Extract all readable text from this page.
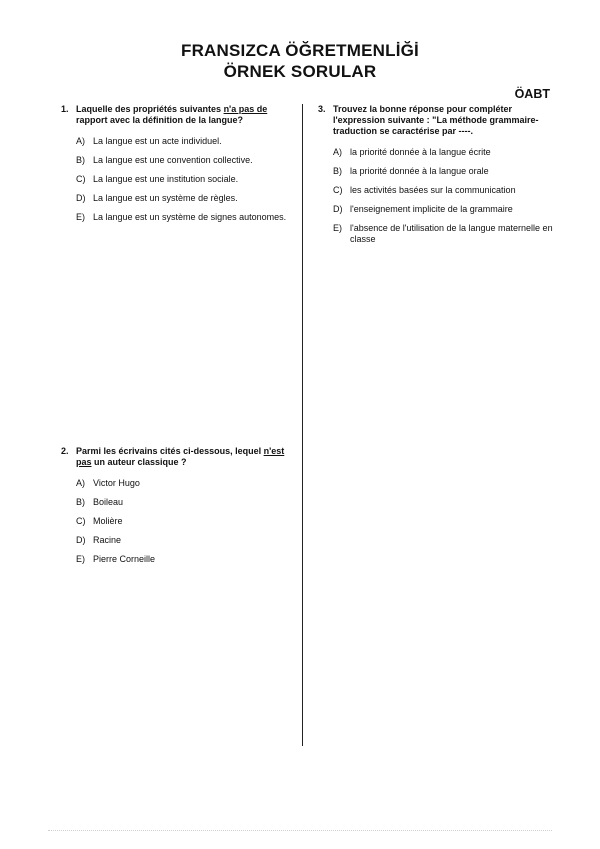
FRANSIZCA ÖĞRETMENLİĞİ
ÖRNEK SORULAR
ÖABT
1. Laquelle des propriétés suivantes n'a pas de rapport avec la définition de la langue?
A) La langue est un acte individuel.
B) La langue est une convention collective.
C) La langue est une institution sociale.
D) La langue est un système de règles.
E) La langue est un système de signes autonomes.
2. Parmi les écrivains cités ci-dessous, lequel n'est pas un auteur classique ?
A) Victor Hugo
B) Boileau
C) Molière
D) Racine
E) Pierre Corneille
3. Trouvez la bonne réponse pour compléter l'expression suivante : "La méthode grammaire-traduction se caractérise par ----.
A) la priorité donnée à la langue écrite
B) la priorité donnée à la langue orale
C) les activités basées sur la communication
D) l'enseignement implicite de la grammaire
E) l'absence de l'utilisation de la langue maternelle en classe
